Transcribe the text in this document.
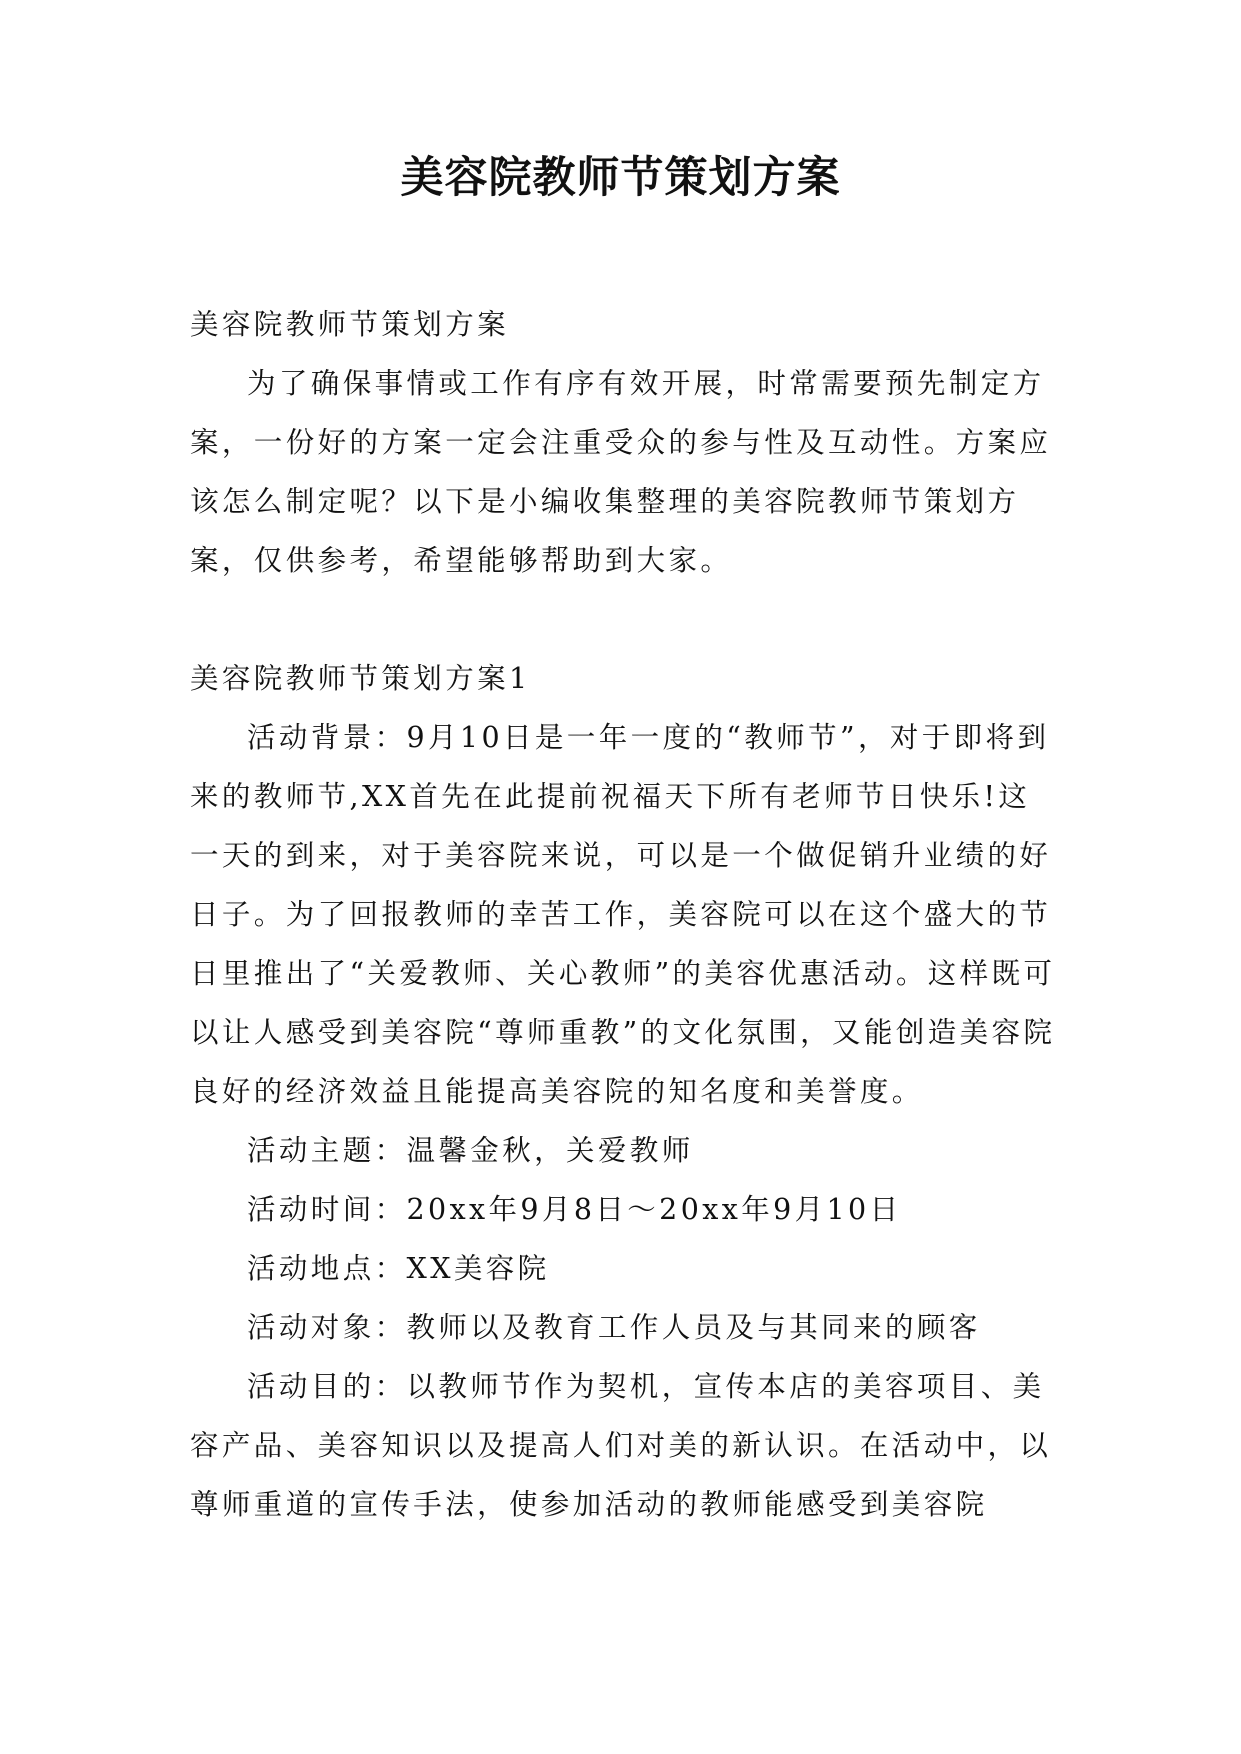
美容院教师节策划方案

美容院教师节策划方案

为了确保事情或工作有序有效开展，时常需要预先制定方案，一份好的方案一定会注重受众的参与性及互动性。方案应该怎么制定呢？以下是小编收集整理的美容院教师节策划方案，仅供参考，希望能够帮助到大家。

美容院教师节策划方案1

活动背景：9月10日是一年一度的“教师节”，对于即将到来的教师节,XX首先在此提前祝福天下所有老师节日快乐!这一天的到来，对于美容院来说，可以是一个做促销升业绩的好日子。为了回报教师的幸苦工作，美容院可以在这个盛大的节日里推出了“关爱教师、关心教师”的美容优惠活动。这样既可以让人感受到美容院“尊师重教”的文化氛围，又能创造美容院良好的经济效益且能提高美容院的知名度和美誉度。

活动主题：温馨金秋，关爱教师

活动时间：20xx年9月8日～20xx年9月10日

活动地点：XX美容院

活动对象：教师以及教育工作人员及与其同来的顾客

活动目的：以教师节作为契机，宣传本店的美容项目、美容产品、美容知识以及提高人们对美的新认识。在活动中，以尊师重道的宣传手法，使参加活动的教师能感受到美容院
